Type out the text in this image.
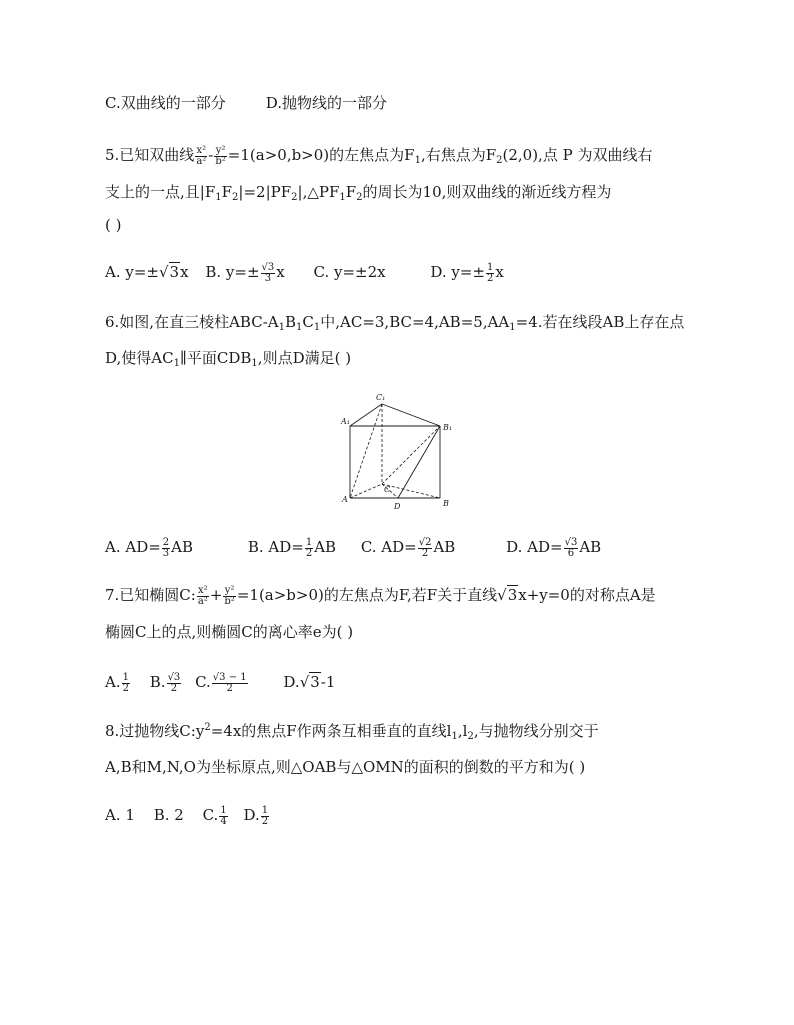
C.双曲线的一部分	D.抛物线的一部分
5.已知双曲线 $\frac{\text{x²}}{\text{a²}} - \frac{\text{y²}}{\text{b²}} =1(a>0,b>0)$的左焦点为$F_1$,右焦点为$F_2(2,0)$,点 P 为双曲线右
支上的一点,且$|F_1F_2|=2|PF_2|,\triangle PF_1F_2$的周长为10,则双曲线的渐近线方程为
( )
A. y=±√3x B. $y=\pm \frac{√3}{3}$ x C. y=±2x	D. $y=\pm \frac{1}{2}$ x
6.如图,在直三棱柱ABC-$A_1B_1C_1$中$,AC=3,BC=4,AB=5,AA_1=4$.若在线段AB上存在点
D,使得$AC_1\parallel$平面$CDB_1$,则点D满足( )
C₁
A₁
B₁
C
A	B
D
A. $AD= \frac{2}{3}$ AB	B. $AD= \frac{1}{2}$ AB C. $AD= \frac{√2}{2}$ AB	D. $AD= \frac{√3}{6}$ AB
7.已知椭圆C: $\frac{\text{x²}}{\text{a²}} + \frac{\text{y²}}{\text{b²}} =1(a>b>0)$的左焦点为F,若F关于直线√3x+y=0的对称点A是
椭圆C上的点,则椭圆C的离心率e为( )
A. $\frac{1}{2} B$. $\frac{√3}{2} C$. $\frac{√3 - 1}{2} D.√3-1$
8.过抛物线$C:y^2=4x$的焦点F作两条互相垂直的直线$l_1,l_2$,与抛物线分别交于
A,B和M,N,O为坐标原点,则△OAB与△OMN的面积的倒数的平方和为( )
A. 1 B. 2 C. $\frac{1}{4} D$. $\frac{1}{2}$
